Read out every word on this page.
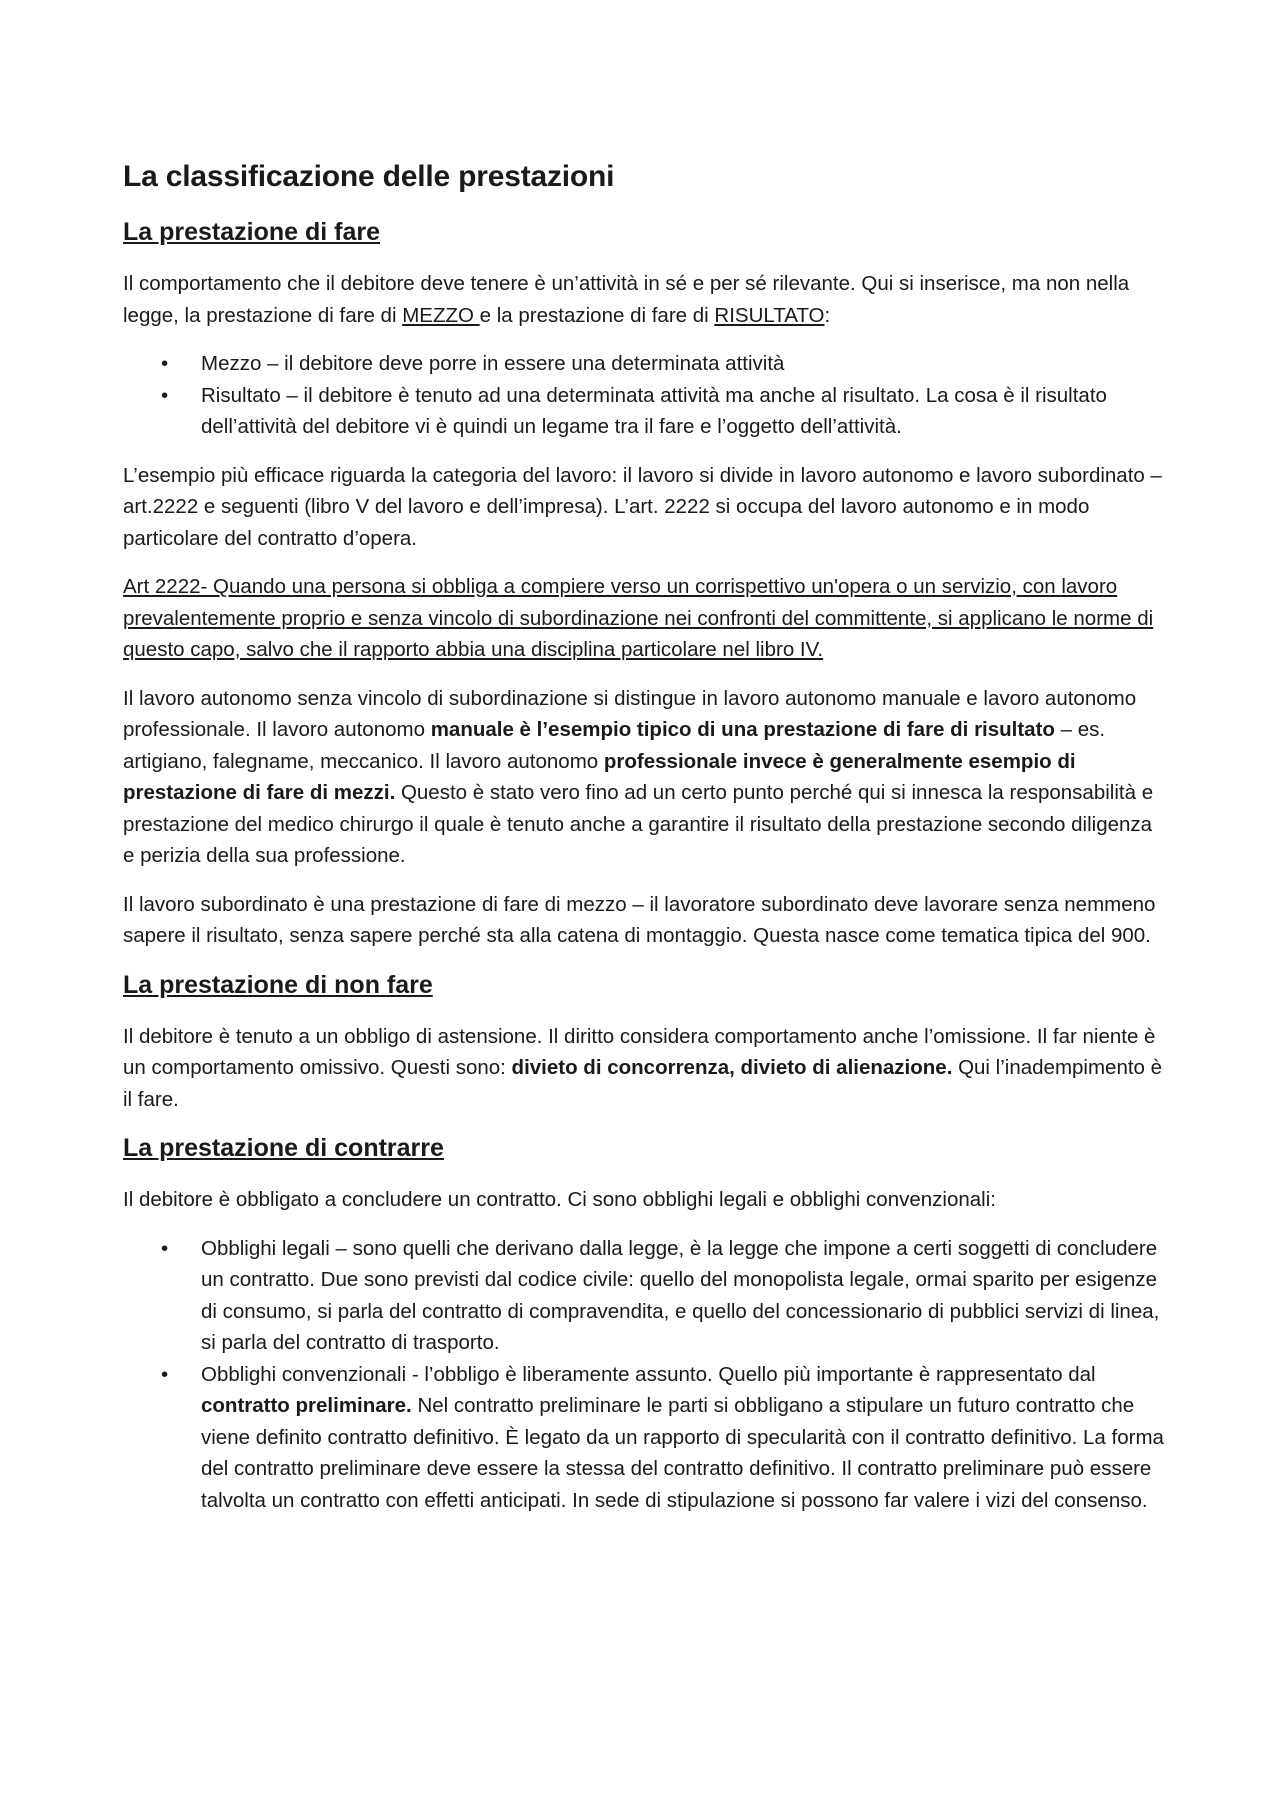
La classificazione delle prestazioni
La prestazione di fare

Il comportamento che il debitore deve tenere è un’attività in sé e per sé rilevante. Qui si inserisce, ma non nella legge, la prestazione di fare di MEZZO e la prestazione di fare di RISULTATO:

• Mezzo – il debitore deve porre in essere una determinata attività
• Risultato – il debitore è tenuto ad una determinata attività ma anche al risultato. La cosa è il risultato dell’attività del debitore vi è quindi un legame tra il fare e l’oggetto dell’attività.

L’esempio più efficace riguarda la categoria del lavoro: il lavoro si divide in lavoro autonomo e lavoro subordinato – art.2222 e seguenti (libro V del lavoro e dell’impresa). L’art. 2222 si occupa del lavoro autonomo e in modo particolare del contratto d’opera.

Art 2222- Quando una persona si obbliga a compiere verso un corrispettivo un'opera o un servizio, con lavoro prevalentemente proprio e senza vincolo di subordinazione nei confronti del committente, si applicano le norme di questo capo, salvo che il rapporto abbia una disciplina particolare nel libro IV.

Il lavoro autonomo senza vincolo di subordinazione si distingue in lavoro autonomo manuale e lavoro autonomo professionale. Il lavoro autonomo manuale è l’esempio tipico di una prestazione di fare di risultato – es. artigiano, falegname, meccanico. Il lavoro autonomo professionale invece è generalmente esempio di prestazione di fare di mezzi. Questo è stato vero fino ad un certo punto perché qui si innesca la responsabilità e prestazione del medico chirurgo il quale è tenuto anche a garantire il risultato della prestazione secondo diligenza e perizia della sua professione.

Il lavoro subordinato è una prestazione di fare di mezzo – il lavoratore subordinato deve lavorare senza nemmeno sapere il risultato, senza sapere perché sta alla catena di montaggio. Questa nasce come tematica tipica del 900.

La prestazione di non fare

Il debitore è tenuto a un obbligo di astensione. Il diritto considera comportamento anche l’omissione. Il far niente è un comportamento omissivo. Questi sono: divieto di concorrenza, divieto di alienazione. Qui l’inadempimento è il fare.

La prestazione di contrarre

Il debitore è obbligato a concludere un contratto. Ci sono obblighi legali e obblighi convenzionali:

• Obblighi legali – sono quelli che derivano dalla legge, è la legge che impone a certi soggetti di concludere un contratto. Due sono previsti dal codice civile: quello del monopolista legale, ormai sparito per esigenze di consumo, si parla del contratto di compravendita, e quello del concessionario di pubblici servizi di linea, si parla del contratto di trasporto.
• Obblighi convenzionali - l’obbligo è liberamente assunto. Quello più importante è rappresentato dal contratto preliminare. Nel contratto preliminare le parti si obbligano a stipulare un futuro contratto che viene definito contratto definitivo. È legato da un rapporto di specularità con il contratto definitivo. La forma del contratto preliminare deve essere la stessa del contratto definitivo. Il contratto preliminare può essere talvolta un contratto con effetti anticipati. In sede di stipulazione si possono far valere i vizi del consenso.
